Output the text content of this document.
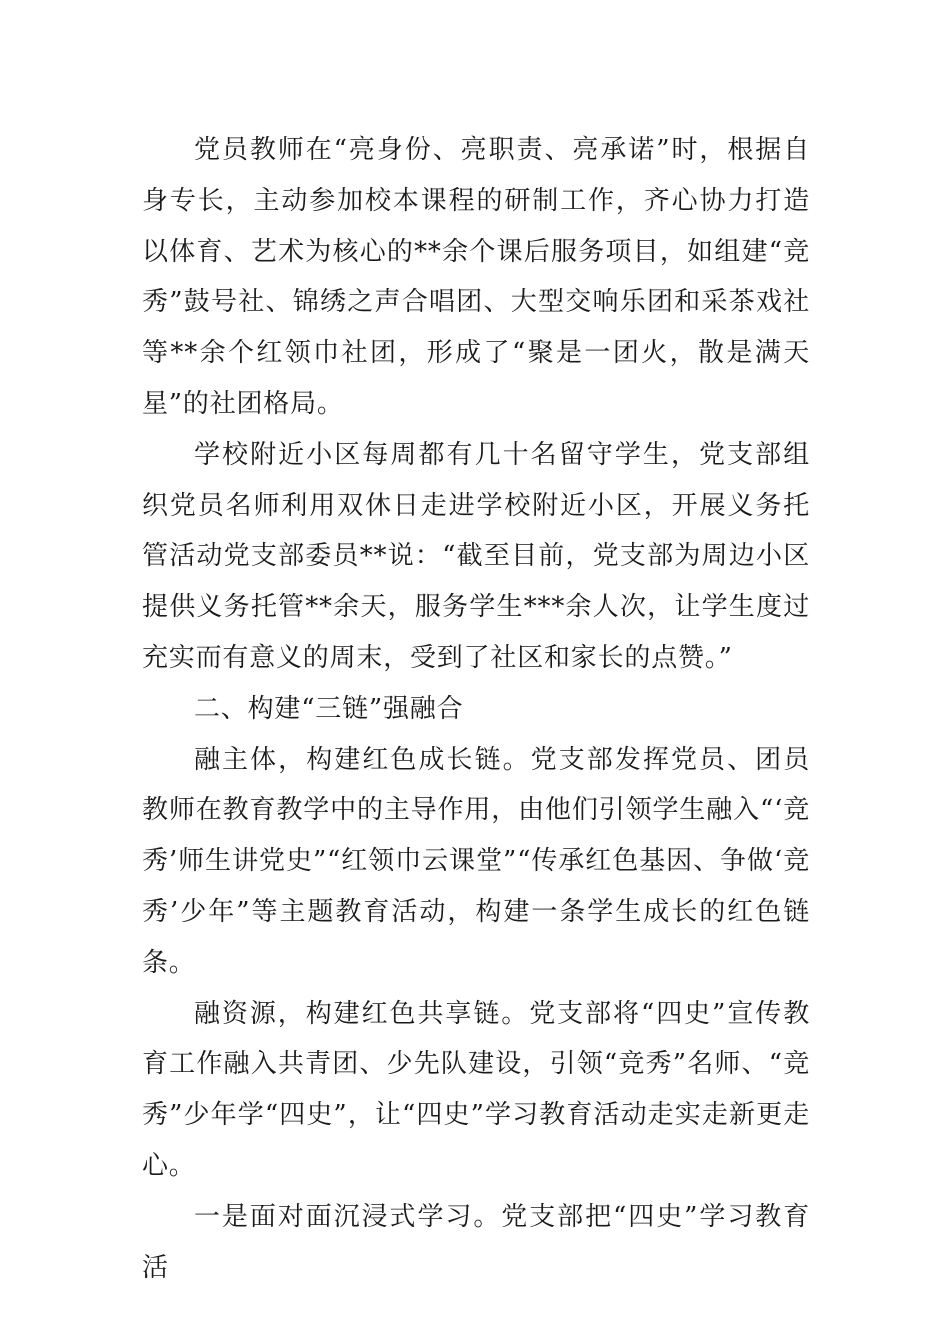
党员教师在“亮身份、亮职责、亮承诺”时，根据自身专长，主动参加校本课程的研制工作，齐心协力打造以体育、艺术为核心的**余个课后服务项目，如组建“竞秀”鼓号社、锦绣之声合唱团、大型交响乐团和采茶戏社等**余个红领巾社团，形成了“聚是一团火，散是满天星”的社团格局。

学校附近小区每周都有几十名留守学生，党支部组织党员名师利用双休日走进学校附近小区，开展义务托管活动党支部委员**说：“截至目前，党支部为周边小区提供义务托管**余天，服务学生***余人次，让学生度过充实而有意义的周末，受到了社区和家长的点赞。”

二、构建“三链”强融合

融主体，构建红色成长链。党支部发挥党员、团员教师在教育教学中的主导作用，由他们引领学生融入“‘竞秀’师生讲党史”“红领巾云课堂”“传承红色基因、争做‘竞秀’少年”等主题教育活动，构建一条学生成长的红色链条。

融资源，构建红色共享链。党支部将“四史”宣传教育工作融入共青团、少先队建设，引领“竞秀”名师、“竞秀”少年学“四史”，让“四史”学习教育活动走实走新更走心。

一是面对面沉浸式学习。党支部把“四史”学习教育活
